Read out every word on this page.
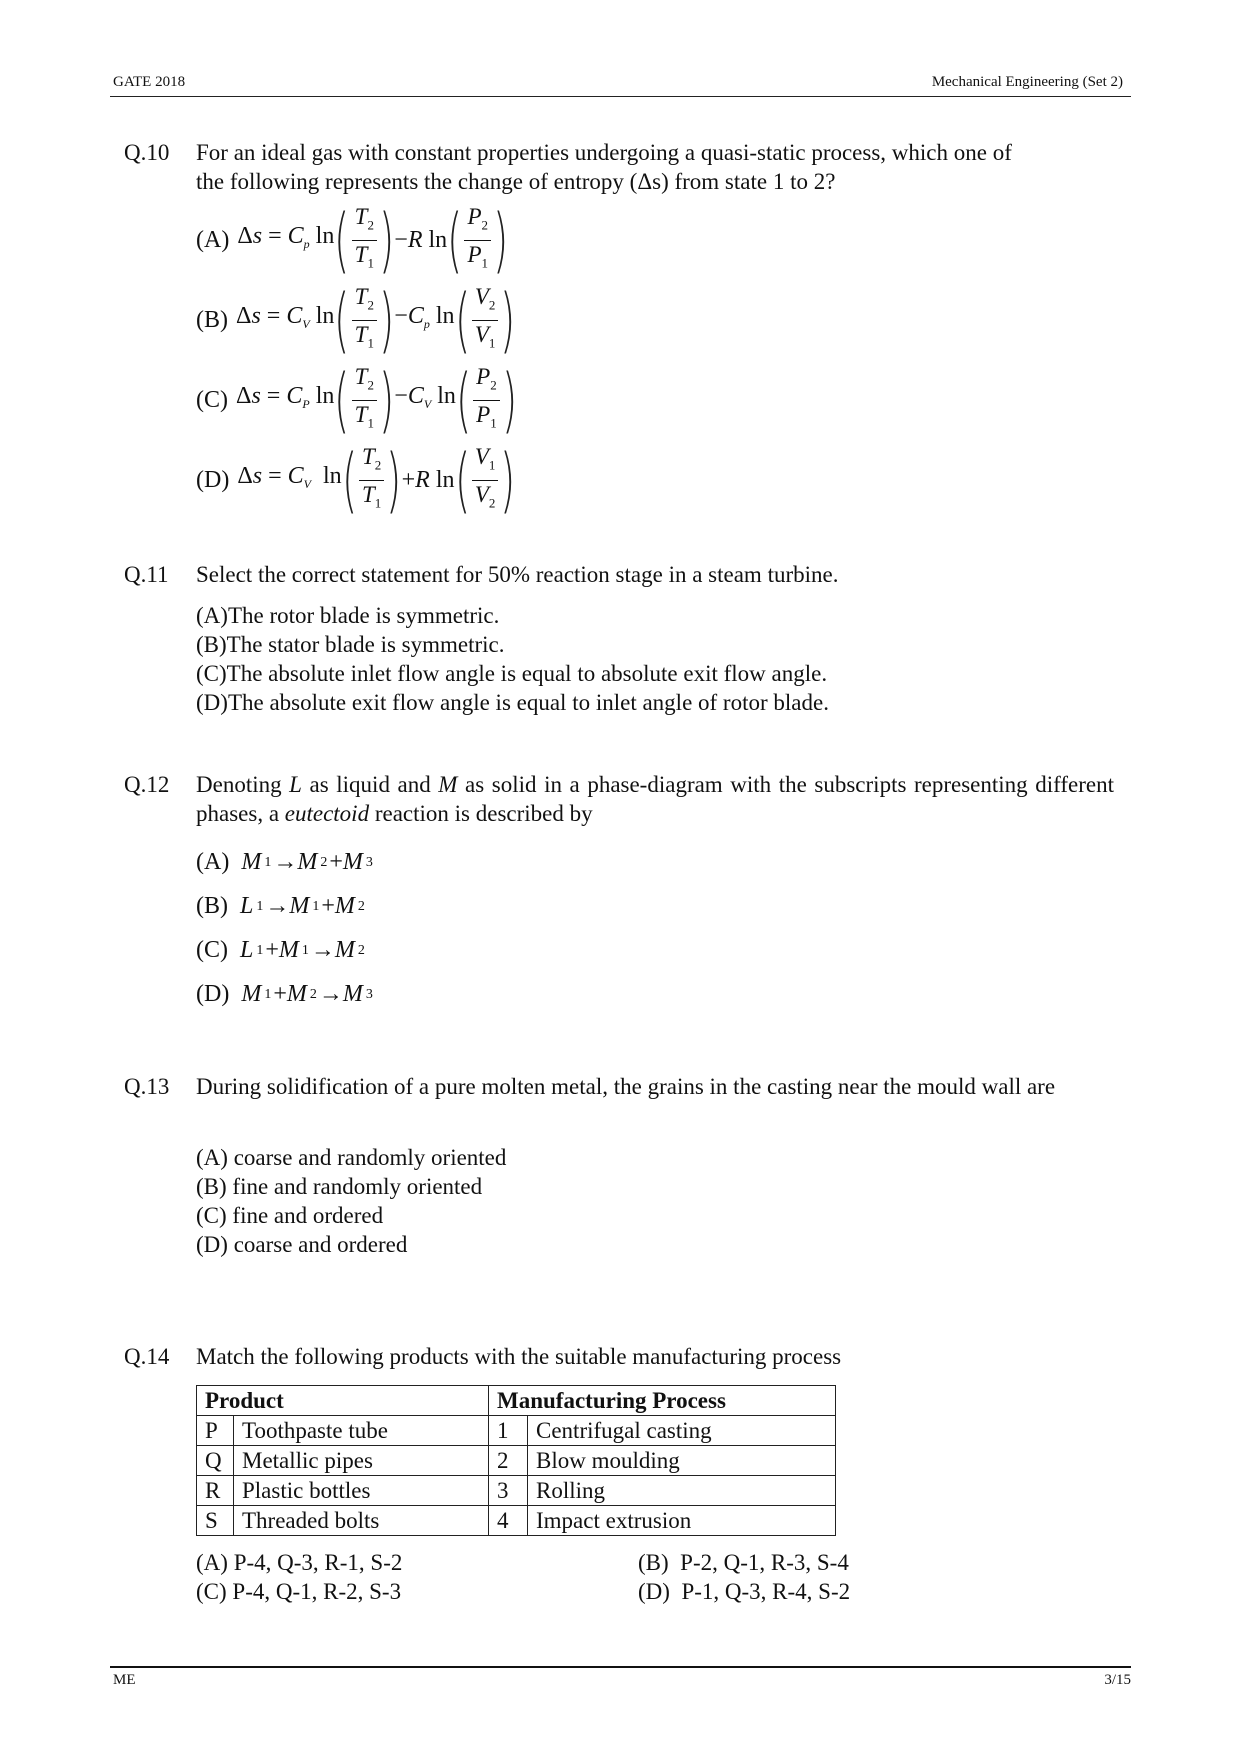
GATE 2018	Mechanical Engineering (Set 2)
Q.10 For an ideal gas with constant properties undergoing a quasi-static process, which one of the following represents the change of entropy (Δs) from state 1 to 2?
(A) $\Delta s = C_p$ ln ( $\frac{T_2}{T_1}$ ) −R ln ( $\frac{P_2}{P_1}$ )
(B) $\Delta s = C_V$ ln ( $\frac{T_2}{T_1}$ ) $-C_p$ ln ( $\frac{V_2}{V_1}$ )
(C) $\Delta s = C_P$ ln ( $\frac{T_2}{T_1}$ ) $-C_V$ ln ( $\frac{P_2}{P_1}$ )
(D) $\Delta s = C_V$  ln ( $\frac{T_2}{T_1}$ ) +R ln ( $\frac{V_1}{V_2}$ )
Q.11 Select the correct statement for 50% reaction stage in a steam turbine.
(A)The rotor blade is symmetric.
(B)The stator blade is symmetric.
(C)The absolute inlet flow angle is equal to absolute exit flow angle.
(D)The absolute exit flow angle is equal to inlet angle of rotor blade.
Q.12 Denoting L as liquid and M as solid in a phase-diagram with the subscripts representing different phases, a eutectoid reaction is described by
(A)
M 1 → M 2 + M 3
(B)
L 1 → M 1 + M 2
(C)
L 1 + M 1 → M 2
(D)
M 1 + M 2 → M 3
Q.13 During solidification of a pure molten metal, the grains in the casting near the mould wall are
(A) coarse and randomly oriented
(B) fine and randomly oriented
(C) fine and ordered
(D) coarse and ordered
Q.14 Match the following products with the suitable manufacturing process
Product		Manufacturing Process	
P	Toothpaste tube	1	Centrifugal casting
Q	Metallic pipes	2	Blow moulding
R	Plastic bottles	3	Rolling
S	Threaded bolts	4	Impact extrusion
(A) P-4, Q-3, R-1, S-2	(B) P-2, Q-1, R-3, S-4
(C) P-4, Q-1, R-2, S-3	(D) P-1, Q-3, R-4, S-2
ME	3/15
